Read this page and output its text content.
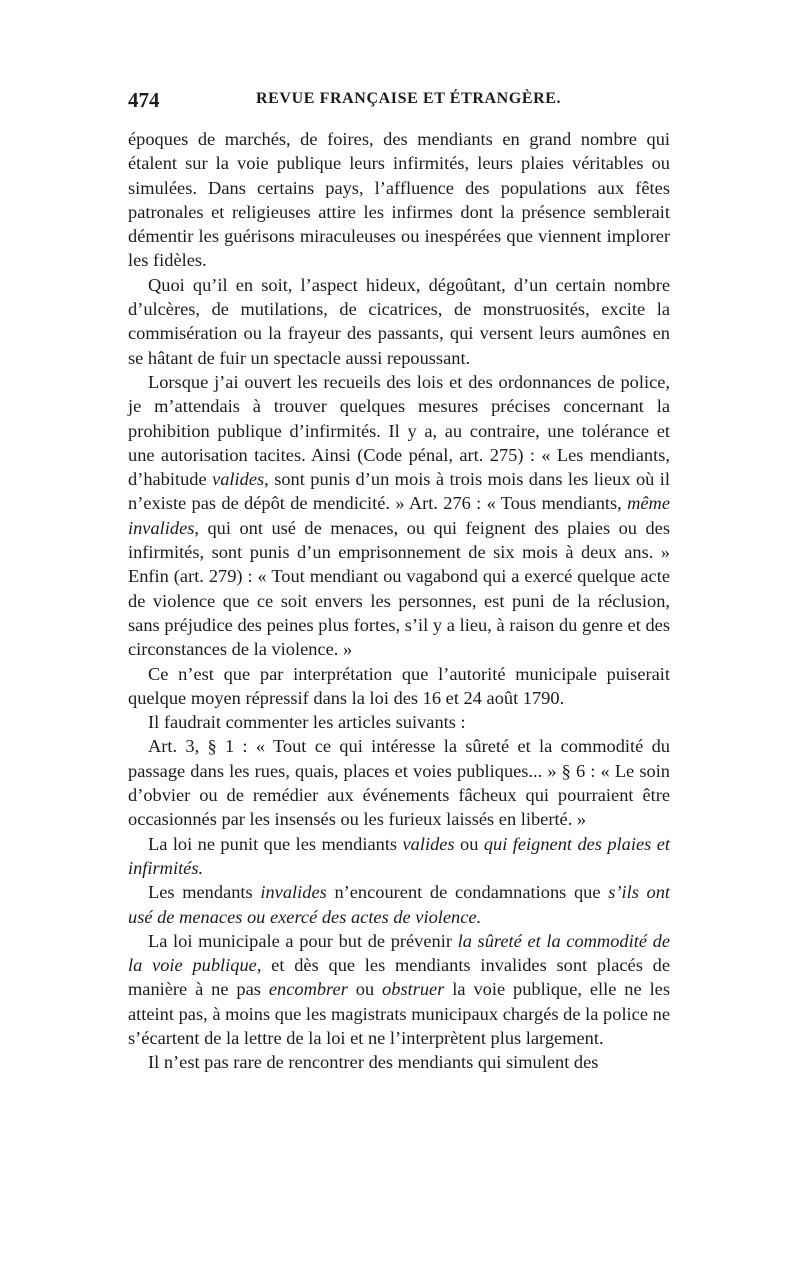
474	REVUE FRANÇAISE ET ÉTRANGÈRE.

époques de marchés, de foires, des mendiants en grand nombre qui étalent sur la voie publique leurs infirmités, leurs plaies véritables ou simulées. Dans certains pays, l’affluence des populations aux fêtes patronales et religieuses attire les infirmes dont la présence semblerait démentir les guérisons miraculeuses ou inespérées que viennent implorer les fidèles.

Quoi qu’il en soit, l’aspect hideux, dégoûtant, d’un certain nombre d’ulcères, de mutilations, de cicatrices, de monstruosités, excite la commisération ou la frayeur des passants, qui versent leurs aumônes en se hâtant de fuir un spectacle aussi repoussant.

Lorsque j’ai ouvert les recueils des lois et des ordonnances de police, je m’attendais à trouver quelques mesures précises concernant la prohibition publique d’infirmités. Il y a, au contraire, une tolérance et une autorisation tacites. Ainsi (Code pénal, art. 275) : « Les mendiants, d’habitude valides, sont punis d’un mois à trois mois dans les lieux où il n’existe pas de dépôt de mendicité. » Art. 276 : « Tous mendiants, même invalides, qui ont usé de menaces, ou qui feignent des plaies ou des infirmités, sont punis d’un emprisonnement de six mois à deux ans. » Enfin (art. 279) : « Tout mendiant ou vagabond qui a exercé quelque acte de violence que ce soit envers les personnes, est puni de la réclusion, sans préjudice des peines plus fortes, s’il y a lieu, à raison du genre et des circonstances de la violence. »

Ce n’est que par interprétation que l’autorité municipale puiserait quelque moyen répressif dans la loi des 16 et 24 août 1790.

Il faudrait commenter les articles suivants :

Art. 3, § 1 : « Tout ce qui intéresse la sûreté et la commodité du passage dans les rues, quais, places et voies publiques... » § 6 : « Le soin d’obvier ou de remédier aux événements fâcheux qui pourraient être occasionnés par les insensés ou les furieux laissés en liberté. »

La loi ne punit que les mendiants valides ou qui feignent des plaies et infirmités.

Les mendants invalides n’encourent de condamnations que s’ils ont usé de menaces ou exercé des actes de violence.

La loi municipale a pour but de prévenir la sûreté et la commodité de la voie publique, et dès que les mendiants invalides sont placés de manière à ne pas encombrer ou obstruer la voie publique, elle ne les atteint pas, à moins que les magistrats municipaux chargés de la police ne s’écartent de la lettre de la loi et ne l’interprètent plus largement.

Il n’est pas rare de rencontrer des mendiants qui simulent des
